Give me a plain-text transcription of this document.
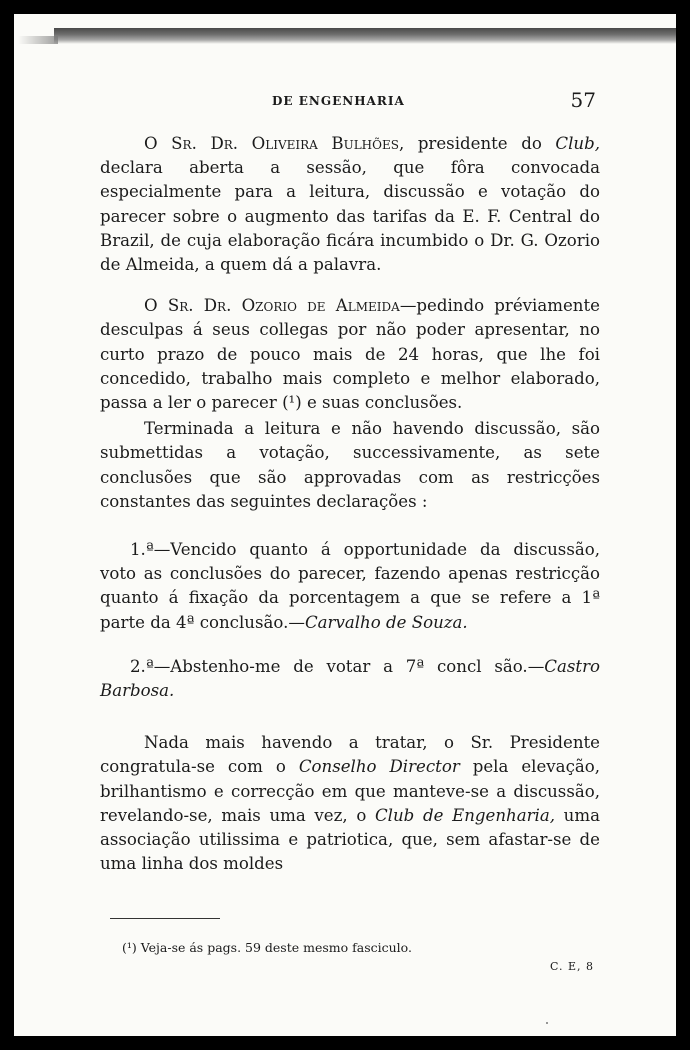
DE ENGENHARIA	57

O Sr. Dr. Oliveira Bulhões, presidente do Club, declara aberta a sessão, que fôra convocada especialmente para a leitura, discussão e votação do parecer sobre o augmento das tarifas da E. F. Central do Brazil, de cuja elaboração ficára incumbido o Dr. G. Ozorio de Almeida, a quem dá a palavra.

O Sr. Dr. Ozorio de Almeida—pedindo préviamente desculpas á seus collegas por não poder apresentar, no curto prazo de pouco mais de 24 horas, que lhe foi concedido, trabalho mais completo e melhor elaborado, passa a ler o parecer (¹) e suas conclusões.

Terminada a leitura e não havendo discussão, são submettidas a votação, successivamente, as sete conclusões que são approvadas com as restricções constantes das seguintes declarações :

1.ª—Vencido quanto á opportunidade da discussão, voto as conclusões do parecer, fazendo apenas restricção quanto á fixação da porcentagem a que se refere a 1ª parte da 4ª conclusão.—Carvalho de Souza.

2.ª—Abstenho-me de votar a 7ª concl são.—Castro Barbosa.

Nada mais havendo a tratar, o Sr. Presidente congratula-se com o Conselho Director pela elevação, brilhantismo e correcção em que manteve-se a discussão, revelando-se, mais uma vez, o Club de Engenharia, uma associação utilissima e patriotica, que, sem afastar-se de uma linha dos moldes

(¹) Veja-se ás pags. 59 deste mesmo fasciculo.
C. E, 8
